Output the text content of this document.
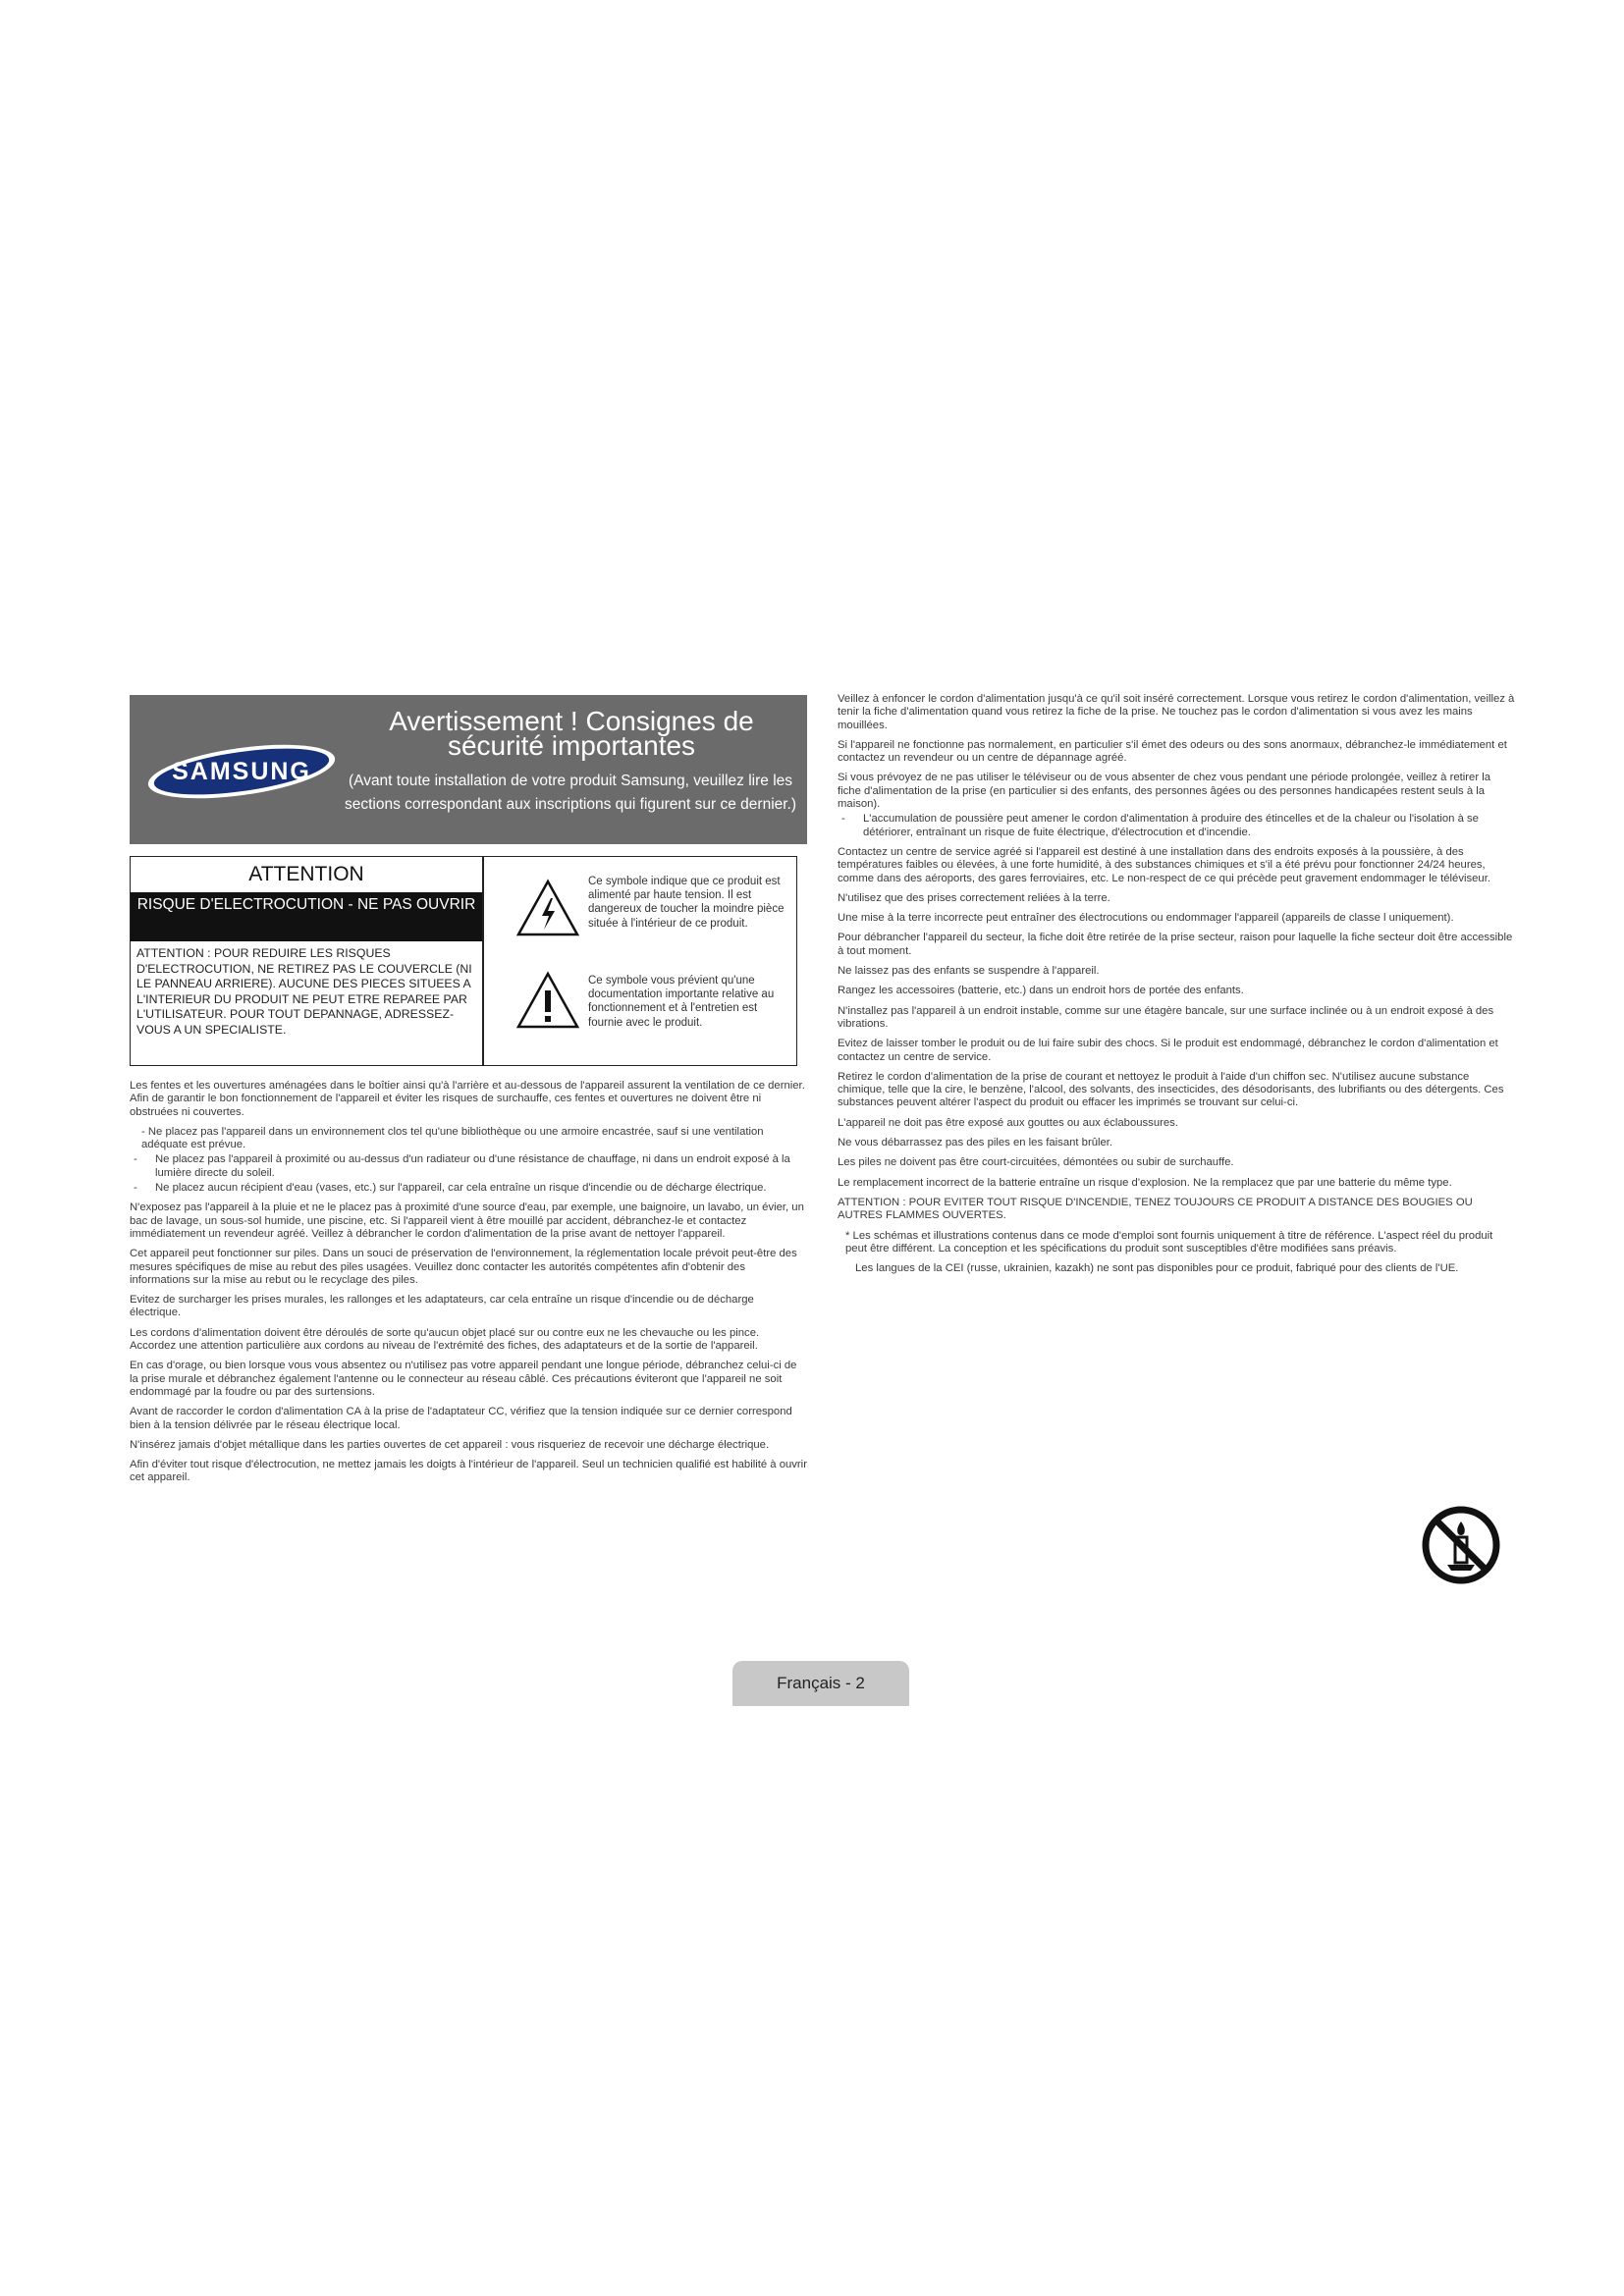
SAMSUNG
Avertissement ! Consignes de
sécurité importantes
(Avant toute installation de votre produit Samsung, veuillez lire les sections correspondant aux inscriptions qui figurent sur ce dernier.)
ATTENTION
RISQUE D'ELECTROCUTION - NE PAS OUVRIR
ATTENTION : POUR REDUIRE LES RISQUES D'ELECTROCUTION, NE RETIREZ PAS LE COUVERCLE (NI LE PANNEAU ARRIERE). AUCUNE DES PIECES SITUEES A L'INTERIEUR DU PRODUIT NE PEUT ETRE REPAREE PAR L'UTILISATEUR. POUR TOUT DEPANNAGE, ADRESSEZ-VOUS A UN SPECIALISTE.
Ce symbole indique que ce produit est alimenté par haute tension. Il est dangereux de toucher la moindre pièce située à l'intérieur de ce produit.
Ce symbole vous prévient qu'une documentation importante relative au fonctionnement et à l'entretien est fournie avec le produit.

Les fentes et les ouvertures aménagées dans le boîtier ainsi qu'à l'arrière et au-dessous de l'appareil assurent la ventilation de ce dernier. Afin de garantir le bon fonctionnement de l'appareil et éviter les risques de surchauffe, ces fentes et ouvertures ne doivent être ni obstruées ni couvertes.

- Ne placez pas l'appareil dans un environnement clos tel qu'une bibliothèque ou une armoire encastrée, sauf si une ventilation adéquate est prévue.

- Ne placez pas l'appareil à proximité ou au-dessus d'un radiateur ou d'une résistance de chauffage, ni dans un endroit exposé à la lumière directe du soleil.

- Ne placez aucun récipient d'eau (vases, etc.) sur l'appareil, car cela entraîne un risque d'incendie ou de décharge électrique.

N'exposez pas l'appareil à la pluie et ne le placez pas à proximité d'une source d'eau, par exemple, une baignoire, un lavabo, un évier, un bac de lavage, un sous-sol humide, une piscine, etc. Si l'appareil vient à être mouillé par accident, débranchez-le et contactez immédiatement un revendeur agréé. Veillez à débrancher le cordon d'alimentation de la prise avant de nettoyer l'appareil.

Cet appareil peut fonctionner sur piles. Dans un souci de préservation de l'environnement, la réglementation locale prévoit peut-être des mesures spécifiques de mise au rebut des piles usagées. Veuillez donc contacter les autorités compétentes afin d'obtenir des informations sur la mise au rebut ou le recyclage des piles.

Evitez de surcharger les prises murales, les rallonges et les adaptateurs, car cela entraîne un risque d'incendie ou de décharge électrique.

Les cordons d'alimentation doivent être déroulés de sorte qu'aucun objet placé sur ou contre eux ne les chevauche ou les pince. Accordez une attention particulière aux cordons au niveau de l'extrémité des fiches, des adaptateurs et de la sortie de l'appareil.

En cas d'orage, ou bien lorsque vous vous absentez ou n'utilisez pas votre appareil pendant une longue période, débranchez celui-ci de la prise murale et débranchez également l'antenne ou le connecteur au réseau câblé. Ces précautions éviteront que l'appareil ne soit endommagé par la foudre ou par des surtensions.

Avant de raccorder le cordon d'alimentation CA à la prise de l'adaptateur CC, vérifiez que la tension indiquée sur ce dernier correspond bien à la tension délivrée par le réseau électrique local.

N'insérez jamais d'objet métallique dans les parties ouvertes de cet appareil : vous risqueriez de recevoir une décharge électrique.

Afin d'éviter tout risque d'électrocution, ne mettez jamais les doigts à l'intérieur de l'appareil. Seul un technicien qualifié est habilité à ouvrir cet appareil.

Veillez à enfoncer le cordon d'alimentation jusqu'à ce qu'il soit inséré correctement. Lorsque vous retirez le cordon d'alimentation, veillez à tenir la fiche d'alimentation quand vous retirez la fiche de la prise. Ne touchez pas le cordon d'alimentation si vous avez les mains mouillées.

Si l'appareil ne fonctionne pas normalement, en particulier s'il émet des odeurs ou des sons anormaux, débranchez-le immédiatement et contactez un revendeur ou un centre de dépannage agréé.

Si vous prévoyez de ne pas utiliser le téléviseur ou de vous absenter de chez vous pendant une période prolongée, veillez à retirer la fiche d'alimentation de la prise (en particulier si des enfants, des personnes âgées ou des personnes handicapées restent seuls à la maison).

- L'accumulation de poussière peut amener le cordon d'alimentation à produire des étincelles et de la chaleur ou l'isolation à se détériorer, entraînant un risque de fuite électrique, d'électrocution et d'incendie.

Contactez un centre de service agréé si l'appareil est destiné à une installation dans des endroits exposés à la poussière, à des températures faibles ou élevées, à une forte humidité, à des substances chimiques et s'il a été prévu pour fonctionner 24/24 heures, comme dans des aéroports, des gares ferroviaires, etc. Le non-respect de ce qui précède peut gravement endommager le téléviseur.

N'utilisez que des prises correctement reliées à la terre.

Une mise à la terre incorrecte peut entraîner des électrocutions ou endommager l'appareil (appareils de classe l uniquement).

Pour débrancher l'appareil du secteur, la fiche doit être retirée de la prise secteur, raison pour laquelle la fiche secteur doit être accessible à tout moment.

Ne laissez pas des enfants se suspendre à l'appareil.

Rangez les accessoires (batterie, etc.) dans un endroit hors de portée des enfants.

N'installez pas l'appareil à un endroit instable, comme sur une étagère bancale, sur une surface inclinée ou à un endroit exposé à des vibrations.

Evitez de laisser tomber le produit ou de lui faire subir des chocs. Si le produit est endommagé, débranchez le cordon d'alimentation et contactez un centre de service.

Retirez le cordon d'alimentation de la prise de courant et nettoyez le produit à l'aide d'un chiffon sec. N'utilisez aucune substance chimique, telle que la cire, le benzène, l'alcool, des solvants, des insecticides, des désodorisants, des lubrifiants ou des détergents. Ces substances peuvent altérer l'aspect du produit ou effacer les imprimés se trouvant sur celui-ci.

L'appareil ne doit pas être exposé aux gouttes ou aux éclaboussures.

Ne vous débarrassez pas des piles en les faisant brûler.

Les piles ne doivent pas être court-circuitées, démontées ou subir de surchauffe.

Le remplacement incorrect de la batterie entraîne un risque d'explosion. Ne la remplacez que par une batterie du même type.

ATTENTION : POUR EVITER TOUT RISQUE D'INCENDIE, TENEZ TOUJOURS CE PRODUIT A DISTANCE DES BOUGIES OU AUTRES FLAMMES OUVERTES.

* Les schémas et illustrations contenus dans ce mode d'emploi sont fournis uniquement à titre de référence. L'aspect réel du produit peut être différent. La conception et les spécifications du produit sont susceptibles d'être modifiées sans préavis.

Les langues de la CEI (russe, ukrainien, kazakh) ne sont pas disponibles pour ce produit, fabriqué pour des clients de l'UE.

Français - 2
